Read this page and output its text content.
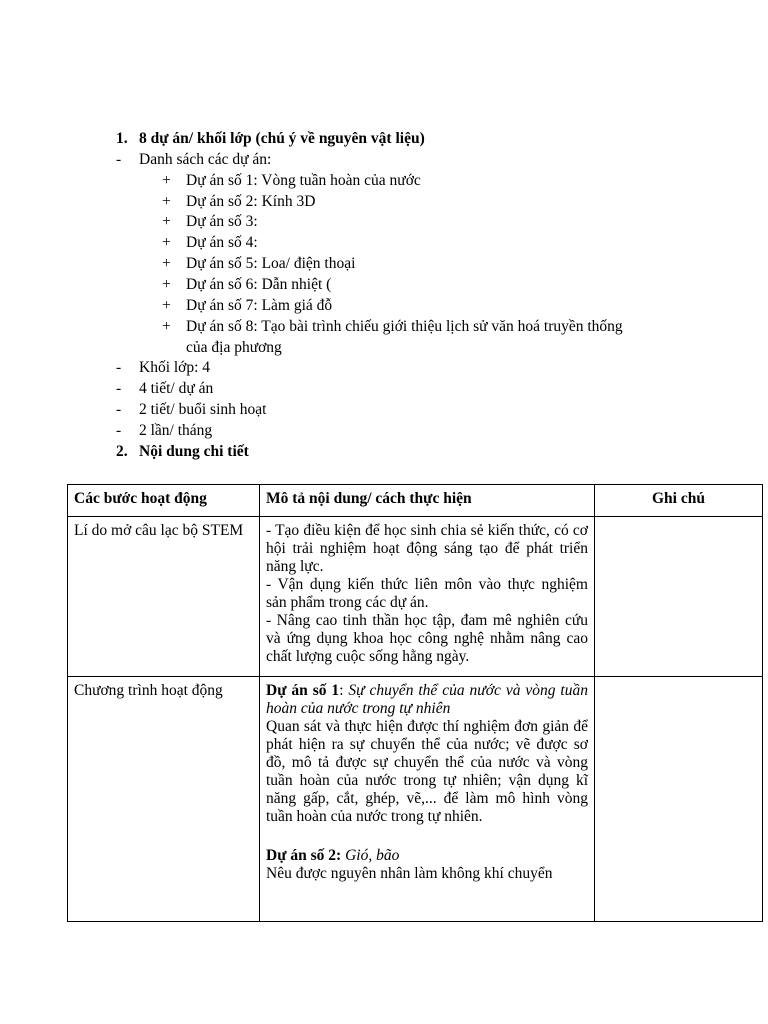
1. 8 dự án/ khối lớp (chú ý về nguyên vật liệu)
- Danh sách các dự án:
+ Dự án số 1: Vòng tuần hoàn của nước
+ Dự án số 2: Kính 3D
+ Dự án số 3:
+ Dự án số 4:
+ Dự án số 5: Loa/ điện thoại
+ Dự án số 6: Dẫn nhiệt (
+ Dự án số 7: Làm giá đỗ
+ Dự án số 8: Tạo bài trình chiếu giới thiệu lịch sử văn hoá truyền thống
của địa phương
- Khối lớp: 4
- 4 tiết/ dự án
- 2 tiết/ buổi sinh hoạt
- 2 lần/ tháng
2. Nội dung chi tiết
Các bước hoạt động	Mô tả nội dung/ cách thực hiện	Ghi chú
Lí do mở câu lạc bộ STEM	- Tạo điều kiện để học sinh chia sẻ kiến thức, có cơ hội trải nghiệm hoạt động sáng tạo để phát triển năng lực.
- Vận dụng kiến thức liên môn vào thực nghiệm sản phẩm trong các dự án.
- Nâng cao tinh thần học tập, đam mê nghiên cứu và ứng dụng khoa học công nghệ nhằm nâng cao chất lượng cuộc sống hằng ngày.	

Chương trình hoạt động	Dự án số 1: Sự chuyển thể của nước và vòng tuần hoàn của nước trong tự nhiên
Quan sát và thực hiện được thí nghiệm đơn giản để phát hiện ra sự chuyển thể của nước; vẽ được sơ đồ, mô tả được sự chuyển thể của nước và vòng tuần hoàn của nước trong tự nhiên; vận dụng kĩ năng gấp, cắt, ghép, vẽ,... để làm mô hình vòng tuần hoàn của nước trong tự nhiên.
Dự án số 2: Gió, bão
Nêu được nguyên nhân làm không khí chuyển	
